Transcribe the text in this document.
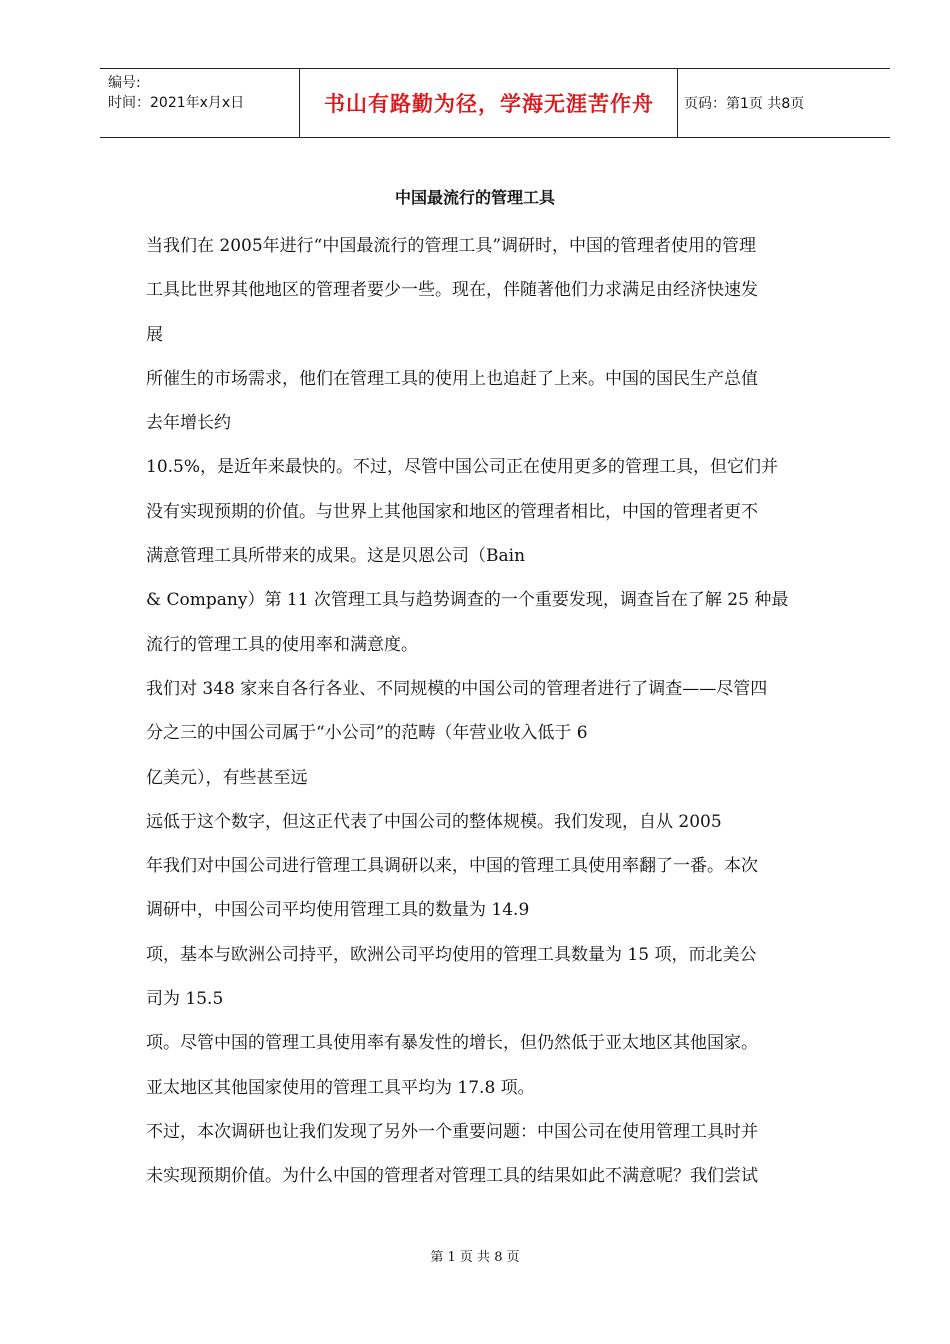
编号:
时间：2021年x月x日	书山有路勤为径，学海无涯苦作舟 页码：第1页 共8页
中国最流行的管理工具
当我们在 2005年进行“中国最流行的管理工具”调研时，中国的管理者使用的管理
工具比世界其他地区的管理者要少一些。现在，伴随著他们力求满足由经济快速发
展
所催生的市场需求，他们在管理工具的使用上也追赶了上来。中国的国民生产总值
去年增长约
10.5%，是近年来最快的。不过，尽管中国公司正在使用更多的管理工具，但它们并
没有实现预期的价值。与世界上其他国家和地区的管理者相比，中国的管理者更不
满意管理工具所带来的成果。这是贝恩公司（Bain
& Company）第 11 次管理工具与趋势调查的一个重要发现，调查旨在了解 25 种最
流行的管理工具的使用率和满意度。
我们对 348 家来自各行各业、不同规模的中国公司的管理者进行了调查——尽管四
分之三的中国公司属于“小公司”的范畴（年营业收入低于 6
亿美元），有些甚至远
远低于这个数字，但这正代表了中国公司的整体规模。我们发现，自从 2005
年我们对中国公司进行管理工具调研以来，中国的管理工具使用率翻了一番。本次
调研中，中国公司平均使用管理工具的数量为 14.9
项，基本与欧洲公司持平，欧洲公司平均使用的管理工具数量为 15 项，而北美公
司为 15.5
项。尽管中国的管理工具使用率有暴发性的增长，但仍然低于亚太地区其他国家。
亚太地区其他国家使用的管理工具平均为 17.8 项。
不过，本次调研也让我们发现了另外一个重要问题：中国公司在使用管理工具时并
未实现预期价值。为什么中国的管理者对管理工具的结果如此不满意呢？我们尝试
第 1 页 共 8 页
